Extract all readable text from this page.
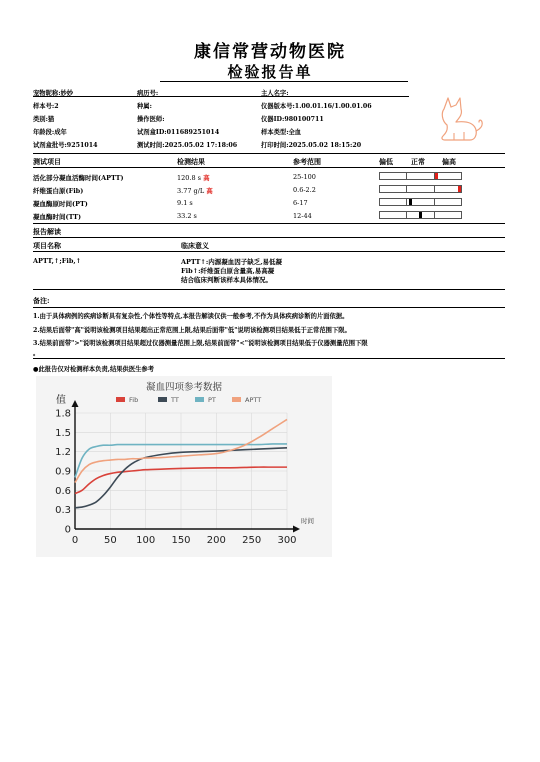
康信常营动物医院
检验报告单
宠物昵称:妙妙	病历号:	主人名字:
样本号:2	种属:	仪器版本号:1.00.01.16/1.00.01.06
类别:猫	操作医师:	仪器ID:980100711
年龄段:成年	试剂盒ID:011689251014	样本类型:全血
试剂盒批号:9251014	测试时间:2025.05.02 17:18:06	打印时间:2025.05.02 18:15:20
测试项目	检测结果	参考范围	偏低	正常 偏高
活化部分凝血活酶时间(APTT)	120.8 s 高	25-100
纤维蛋白原(Fib)	3.77 g/L 高	0.6-2.2
凝血酶原时间(PT)	9.1 s	6-17
凝血酶时间(TT)	33.2 s	12-44
报告解读
项目名称	临床意义
APTT,↑;Fib,↑	APTT↑:内源凝血因子缺乏,易低凝
Fib↑:纤维蛋白原含量高,易高凝
结合临床判断该样本具体情况。
备注:
1.由于具体病例的疾病诊断具有复杂性,个体性等特点,本报告解读仅供一般参考,不作为具体疾病诊断的片面依据。
2.结果后面带"高"说明该检测项目结果超出正常范围上限,结果后面带"低"说明该检测项目结果低于正常范围下限。
3.结果前面带">"说明该检测项目结果超过仪器测量范围上限,结果前面带"<"说明该检测项目结果低于仪器测量范围下限
。
●此报告仅对检测样本负责,结果供医生参考
凝血四项参考数据
Fib	TT	PT	APTT
0
0.3
0.6
0.9
1.2
1.5
1.8
0	50 100 150 200 250 300
值
时间
